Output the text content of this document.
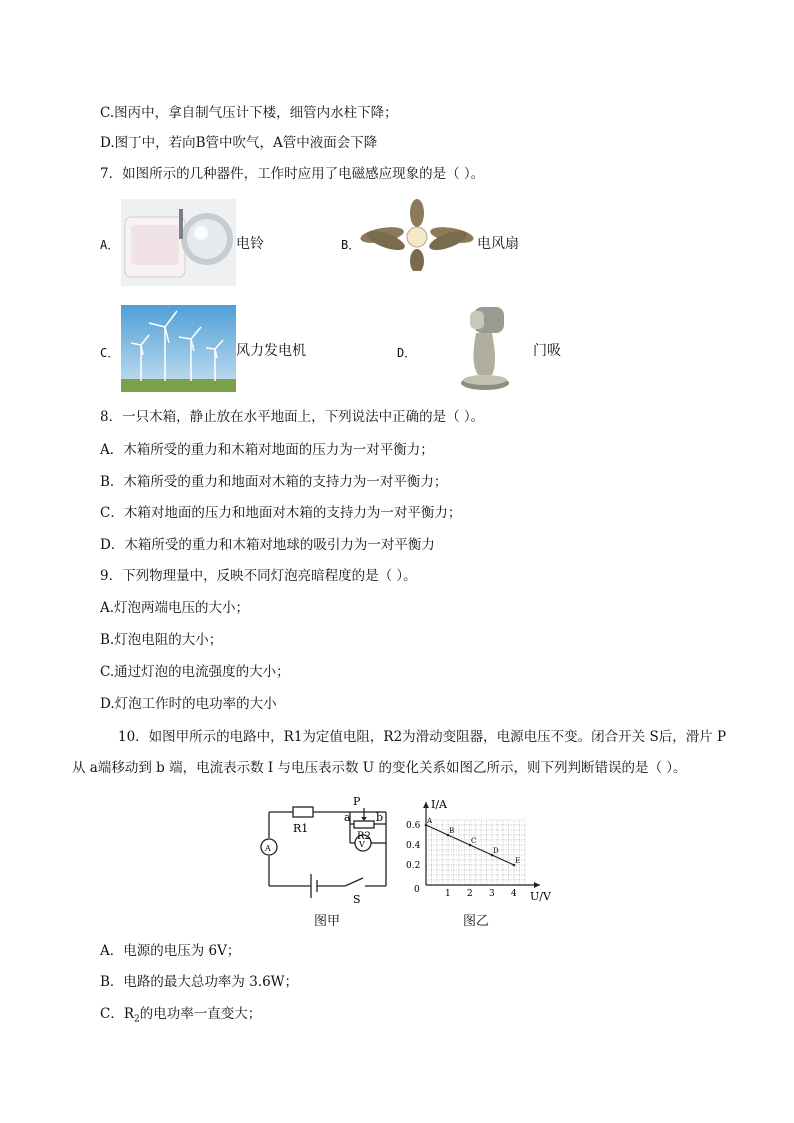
C.图丙中，拿自制气压计下楼，细管内水柱下降；
D.图丁中，若向B管中吹气，A管中液面会下降
7．如图所示的几种器件，工作时应用了电磁感应现象的是（ ）。
A．	电铃	B．	电风扇
C．	风力发电机	D．	门吸
8．一只木箱，静止放在水平地面上，下列说法中正确的是（ ）。
A．木箱所受的重力和木箱对地面的压力为一对平衡力；
B．木箱所受的重力和地面对木箱的支持力为一对平衡力；
C．木箱对地面的压力和地面对木箱的支持力为一对平衡力；
D．木箱所受的重力和木箱对地球的吸引力为一对平衡力
9．下列物理量中，反映不同灯泡亮暗程度的是（ ）。
A.灯泡两端电压的大小；
B.灯泡电阻的大小；
C.通过灯泡的电流强度的大小；
D.灯泡工作时的电功率的大小
10．如图甲所示的电路中，R1为定值电阻，R2为滑动变阻器，电源电压不变。闭合开关 S后，滑片 P
从 a端移动到 b 端，电流表示数 I 与电压表示数 U 的变化关系如图乙所示，则下列判断错误的是（ ）。
R1
R2
P
a b
A	V
S
I/A
U/V
0	1 2 3 4
0.2
0.4
0.6 A
B
C
D
E
图甲	图乙
A．电源的电压为 6V；
B．电路的最大总功率为 3.6W；
C．$R_2$的电功率一直变大；
